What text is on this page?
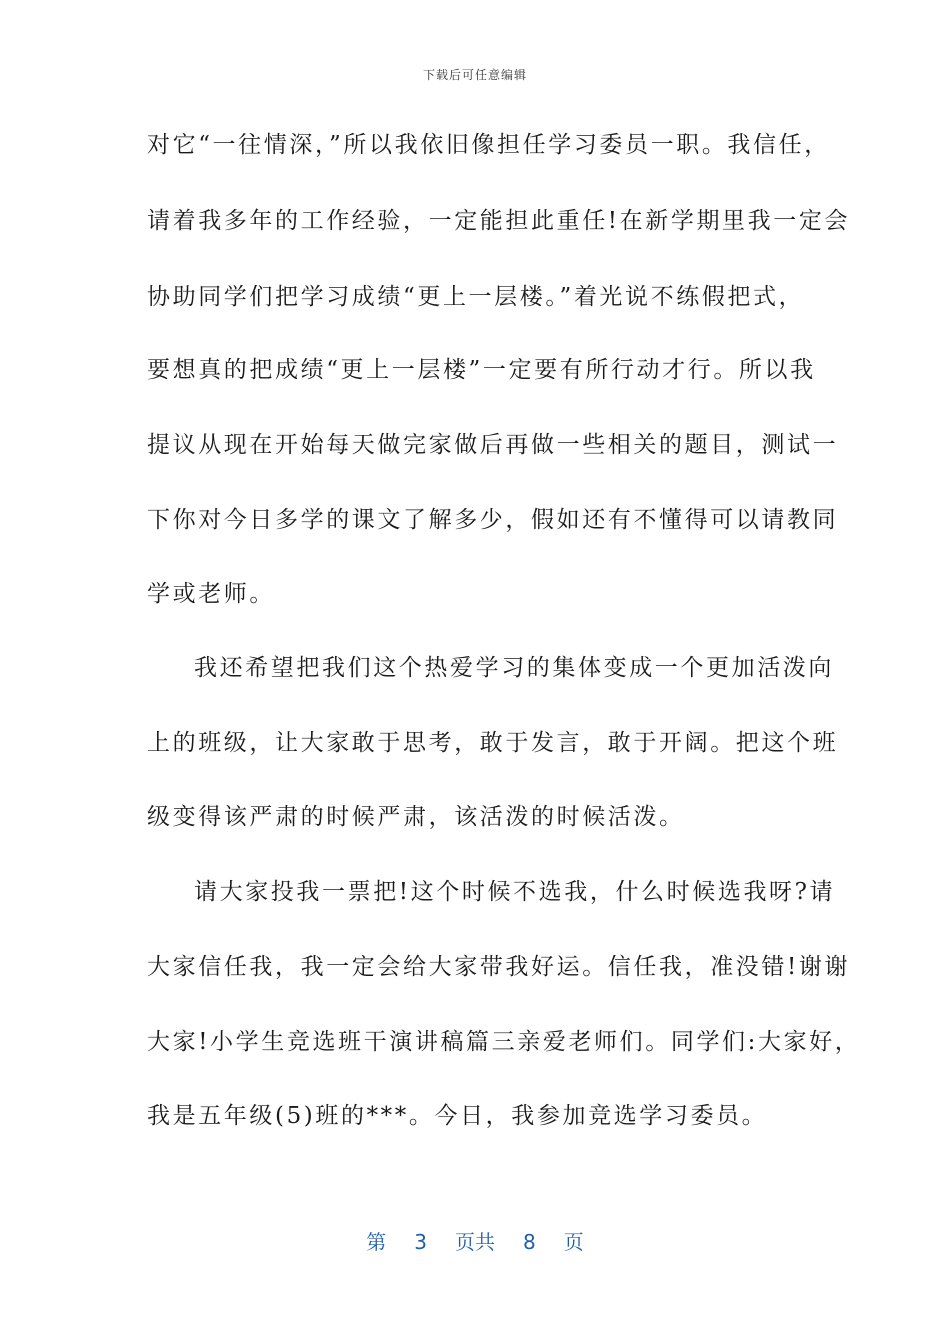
下载后可任意编辑
对它“一往情深，”所以我依旧像担任学习委员一职。我信任，
请着我多年的工作经验，一定能担此重任!在新学期里我一定会
协助同学们把学习成绩“更上一层楼。”着光说不练假把式，
要想真的把成绩“更上一层楼”一定要有所行动才行。所以我
提议从现在开始每天做完家做后再做一些相关的题目，测试一
下你对今日多学的课文了解多少，假如还有不懂得可以请教同
学或老师。
我还希望把我们这个热爱学习的集体变成一个更加活泼向
上的班级，让大家敢于思考，敢于发言，敢于开阔。把这个班
级变得该严肃的时候严肃，该活泼的时候活泼。
请大家投我一票把!这个时候不选我，什么时候选我呀?请
大家信任我，我一定会给大家带我好运。信任我，准没错!谢谢
大家!小学生竞选班干演讲稿篇三亲爱老师们。同学们:大家好，
我是五年级(5)班的***。今日，我参加竞选学习委员。
第 3 页共 8 页
